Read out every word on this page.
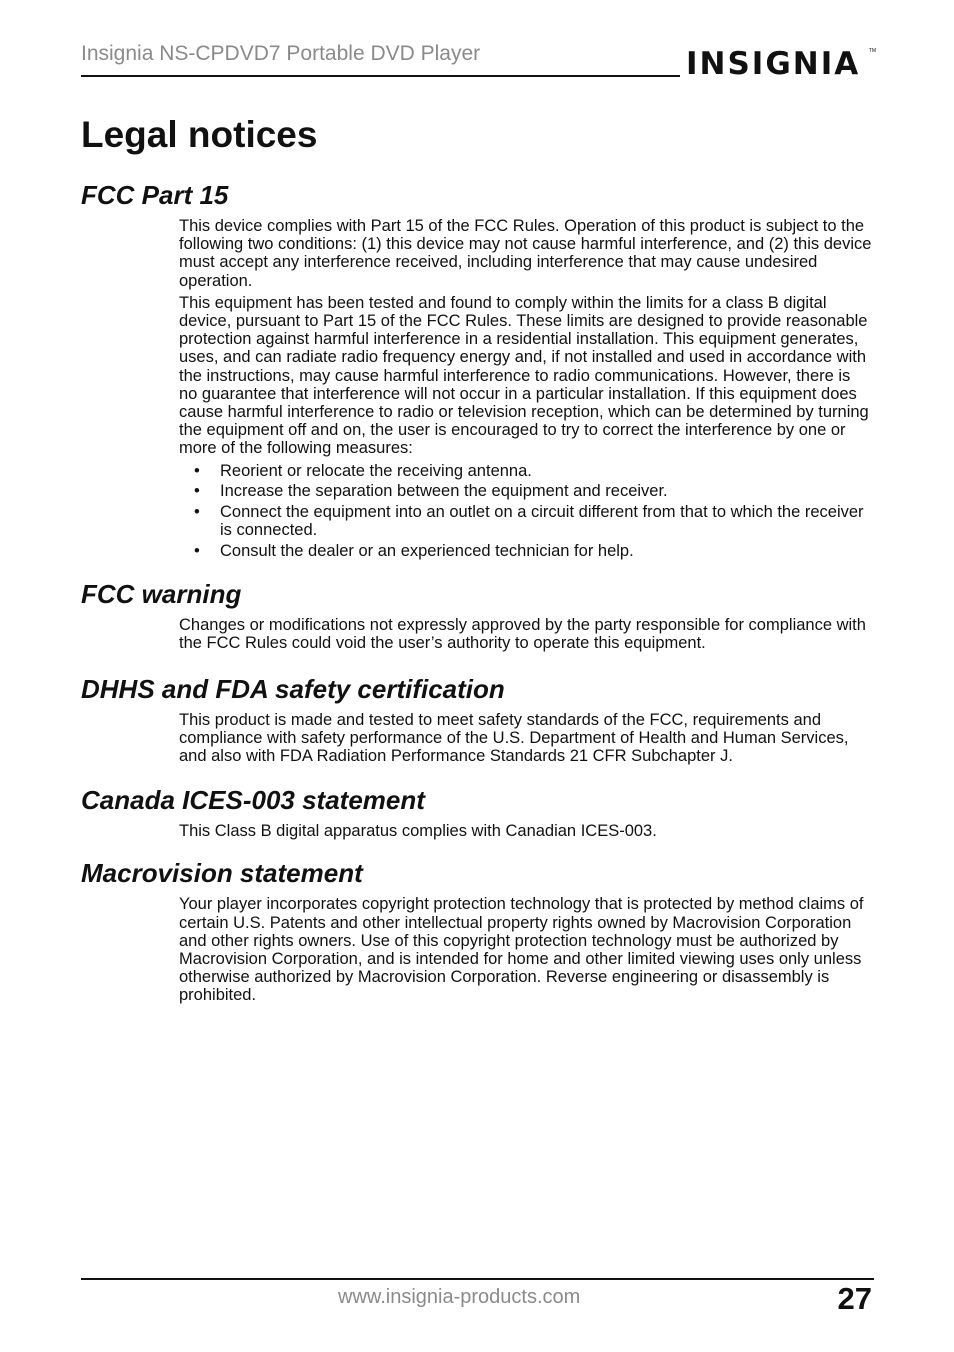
Insignia NS-CPDVD7 Portable DVD Player	INSIGNIA TM
Legal notices
FCC Part 15

This device complies with Part 15 of the FCC Rules. Operation of this product is subject to the following two conditions: (1) this device may not cause harmful interference, and (2) this device must accept any interference received, including interference that may cause undesired operation.

This equipment has been tested and found to comply within the limits for a class B digital device, pursuant to Part 15 of the FCC Rules. These limits are designed to provide reasonable protection against harmful interference in a residential installation. This equipment generates, uses, and can radiate radio frequency energy and, if not installed and used in accordance with the instructions, may cause harmful interference to radio communications. However, there is no guarantee that interference will not occur in a particular installation. If this equipment does cause harmful interference to radio or television reception, which can be determined by turning the equipment off and on, the user is encouraged to try to correct the interference by one or more of the following measures:

• Reorient or relocate the receiving antenna.
• Increase the separation between the equipment and receiver.
• Connect the equipment into an outlet on a circuit different from that to which the receiver is connected.
• Consult the dealer or an experienced technician for help.
FCC warning

Changes or modifications not expressly approved by the party responsible for compliance with the FCC Rules could void the user’s authority to operate this equipment.

DHHS and FDA safety certification

This product is made and tested to meet safety standards of the FCC, requirements and compliance with safety performance of the U.S. Department of Health and Human Services, and also with FDA Radiation Performance Standards 21 CFR Subchapter J.

Canada ICES-003 statement

This Class B digital apparatus complies with Canadian ICES-003.

Macrovision statement

Your player incorporates copyright protection technology that is protected by method claims of certain U.S. Patents and other intellectual property rights owned by Macrovision Corporation and other rights owners. Use of this copyright protection technology must be authorized by Macrovision Corporation, and is intended for home and other limited viewing uses only unless otherwise authorized by Macrovision Corporation. Reverse engineering or disassembly is prohibited.

www.insignia-products.com	27
